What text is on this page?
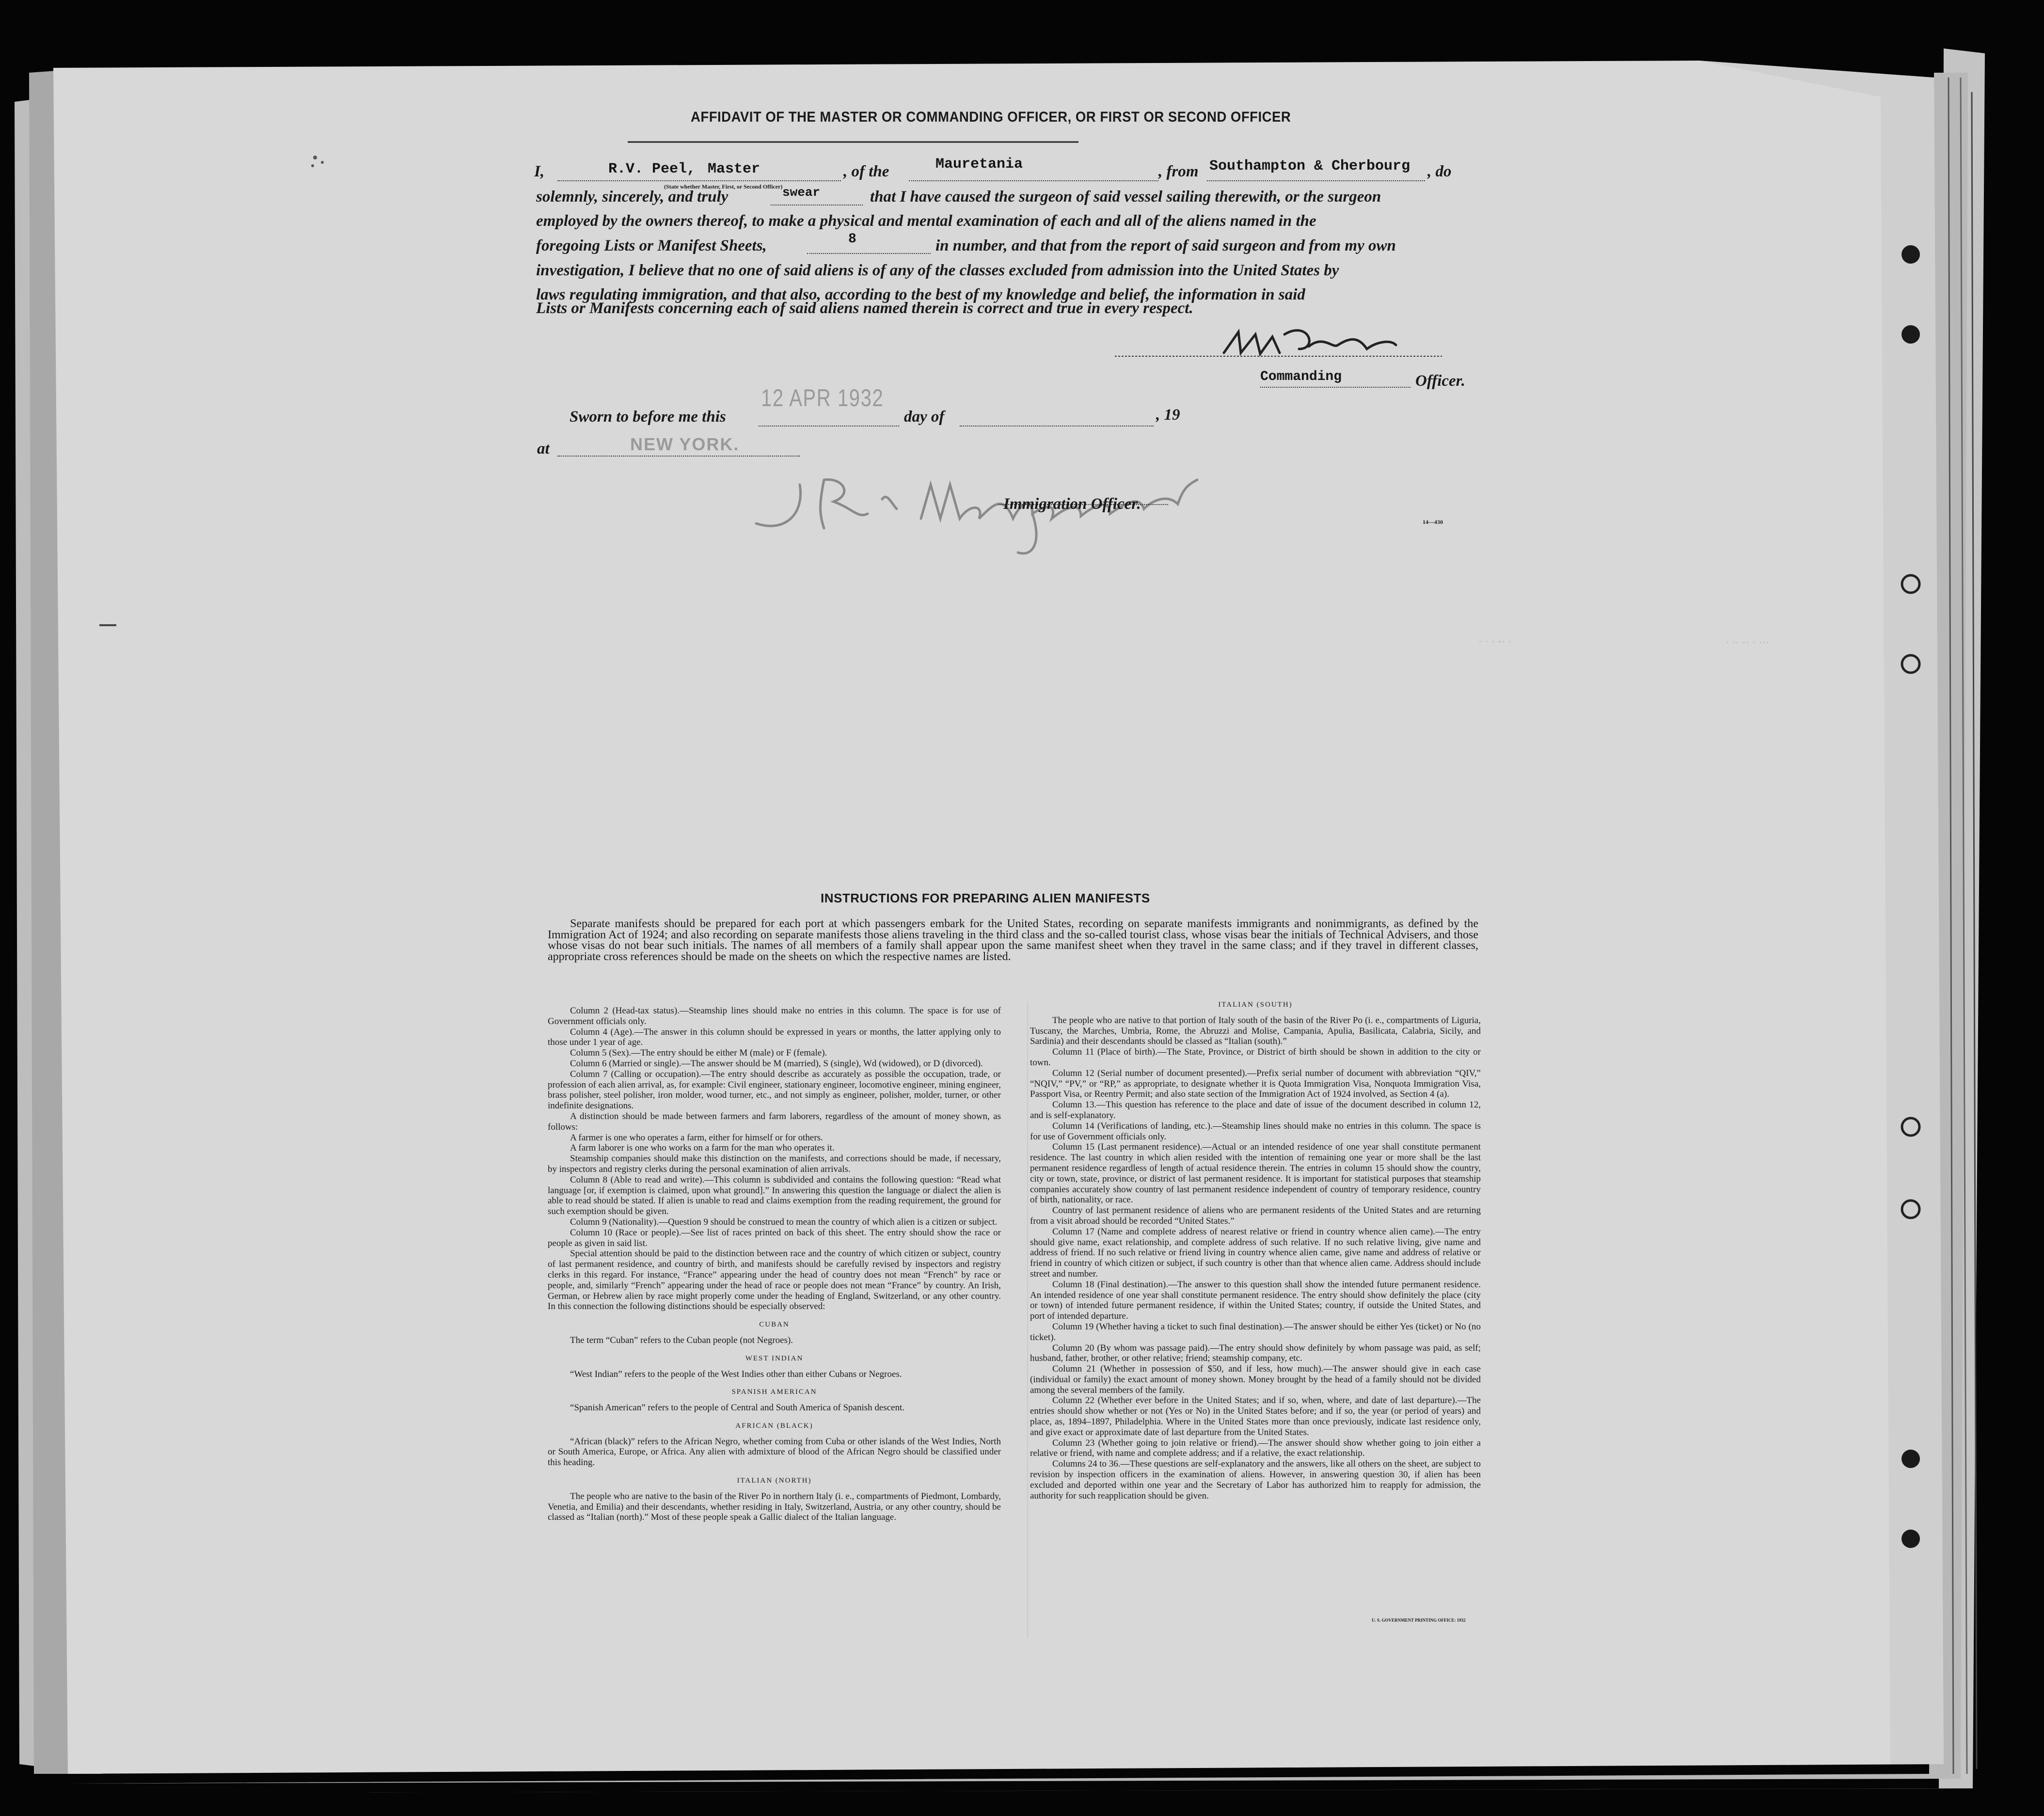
· · · -· ·	· ·· ·· · ···
AFFIDAVIT OF THE MASTER OR COMMANDING OFFICER, OR FIRST OR SECOND OFFICER
I,	R.V. Peel, Master
(State whether Master, First, or Second Officer)
, of the	Mauretania	, from Southampton & Cherbourg , do
solemnly, sincerely, and truly	swear	that I have caused the surgeon of said vessel sailing therewith, or the surgeon
employed by the owners thereof, to make a physical and mental examination of each and all of the aliens named in the
foregoing Lists or Manifest Sheets,	8	in number, and that from the report of said surgeon and from my own
investigation, I believe that no one of said aliens is of any of the classes excluded from admission into the United States by
laws regulating immigration, and that also, according to the best of my knowledge and belief, the information in said
Lists or Manifests concerning each of said aliens named therein is correct and true in every respect.
Commanding	Officer.
Sworn to before me this
12 APR 1932
day of	, 19
at	NEW YORK.
Immigration Officer.
14—430
INSTRUCTIONS FOR PREPARING ALIEN MANIFESTS
Separate manifests should be prepared for each port at which passengers embark for the United States, recording on separate manifests immigrants and nonimmigrants, as defined by the Immigration Act of 1924; and also recording on separate manifests those aliens traveling in the third class and the so-called tourist class, whose visas bear the initials of Technical Advisers, and those whose visas do not bear such initials. The names of all members of a family shall appear upon the same manifest sheet when they travel in the same class; and if they travel in different classes, appropriate cross references should be made on the sheets on which the respective names are listed.

Column 2 (Head-tax status).—Steamship lines should make no entries in this column. The space is for use of Government officials only.

Column 4 (Age).—The answer in this column should be expressed in years or months, the latter applying only to those under 1 year of age.

Column 5 (Sex).—The entry should be either M (male) or F (female).

Column 6 (Married or single).—The answer should be M (married), S (single), Wd (widowed), or D (divorced).

Column 7 (Calling or occupation).—The entry should describe as accurately as possible the occupation, trade, or profession of each alien arrival, as, for example: Civil engineer, stationary engineer, locomotive engineer, mining engineer, brass polisher, steel polisher, iron molder, wood turner, etc., and not simply as engineer, polisher, molder, turner, or other indefinite designations.

A distinction should be made between farmers and farm laborers, regardless of the amount of money shown, as follows:

A farmer is one who operates a farm, either for himself or for others.

A farm laborer is one who works on a farm for the man who operates it.

Steamship companies should make this distinction on the manifests, and corrections should be made, if necessary, by inspectors and registry clerks during the personal examination of alien arrivals.

Column 8 (Able to read and write).—This column is subdivided and contains the following question: “Read what language [or, if exemption is claimed, upon what ground].” In answering this question the language or dialect the alien is able to read should be stated. If alien is unable to read and claims exemption from the reading requirement, the ground for such exemption should be given.

Column 9 (Nationality).—Question 9 should be construed to mean the country of which alien is a citizen or subject.

Column 10 (Race or people).—See list of races printed on back of this sheet. The entry should show the race or people as given in said list.

Special attention should be paid to the distinction between race and the country of which citizen or subject, country of last permanent residence, and country of birth, and manifests should be carefully revised by inspectors and registry clerks in this regard. For instance, “France” appearing under the head of country does not mean “French” by race or people, and, similarly “French” appearing under the head of race or people does not mean “France” by country. An Irish, German, or Hebrew alien by race might properly come under the heading of England, Switzerland, or any other country. In this connection the following distinctions should be especially observed:

CUBAN

The term “Cuban” refers to the Cuban people (not Negroes).

WEST INDIAN

“West Indian” refers to the people of the West Indies other than either Cubans or Negroes.

SPANISH AMERICAN

“Spanish American” refers to the people of Central and South America of Spanish descent.

AFRICAN (BLACK)

“African (black)” refers to the African Negro, whether coming from Cuba or other islands of the West Indies, North or South America, Europe, or Africa. Any alien with admixture of blood of the African Negro should be classified under this heading.

ITALIAN (NORTH)

The people who are native to the basin of the River Po in northern Italy (i. e., compartments of Piedmont, Lombardy, Venetia, and Emilia) and their descendants, whether residing in Italy, Switzerland, Austria, or any other country, should be classed as “Italian (north).” Most of these people speak a Gallic dialect of the Italian language.

ITALIAN (SOUTH)

The people who are native to that portion of Italy south of the basin of the River Po (i. e., compartments of Liguria, Tuscany, the Marches, Umbria, Rome, the Abruzzi and Molise, Campania, Apulia, Basilicata, Calabria, Sicily, and Sardinia) and their descendants should be classed as “Italian (south).”

Column 11 (Place of birth).—The State, Province, or District of birth should be shown in addition to the city or town.

Column 12 (Serial number of document presented).—Prefix serial number of document with abbreviation “QIV,” “NQIV,” “PV,” or “RP,” as appropriate, to designate whether it is Quota Immigration Visa, Nonquota Immigration Visa, Passport Visa, or Reentry Permit; and also state section of the Immigration Act of 1924 involved, as Section 4 (a).

Column 13.—This question has reference to the place and date of issue of the document described in column 12, and is self-explanatory.

Column 14 (Verifications of landing, etc.).—Steamship lines should make no entries in this column. The space is for use of Government officials only.

Column 15 (Last permanent residence).—Actual or an intended residence of one year shall constitute permanent residence. The last country in which alien resided with the intention of remaining one year or more shall be the last permanent residence regardless of length of actual residence therein. The entries in column 15 should show the country, city or town, state, province, or district of last permanent residence. It is important for statistical purposes that steamship companies accurately show country of last permanent residence independent of country of temporary residence, country of birth, nationality, or race.

Country of last permanent residence of aliens who are permanent residents of the United States and are returning from a visit abroad should be recorded “United States.”

Column 17 (Name and complete address of nearest relative or friend in country whence alien came).—The entry should give name, exact relationship, and complete address of such relative. If no such relative living, give name and address of friend. If no such relative or friend living in country whence alien came, give name and address of relative or friend in country of which citizen or subject, if such country is other than that whence alien came. Address should include street and number.

Column 18 (Final destination).—The answer to this question shall show the intended future permanent residence. An intended residence of one year shall constitute permanent residence. The entry should show definitely the place (city or town) of intended future permanent residence, if within the United States; country, if outside the United States, and port of intended departure.

Column 19 (Whether having a ticket to such final destination).—The answer should be either Yes (ticket) or No (no ticket).

Column 20 (By whom was passage paid).—The entry should show definitely by whom passage was paid, as self; husband, father, brother, or other relative; friend; steamship company, etc.

Column 21 (Whether in possession of $50, and if less, how much).—The answer should give in each case (individual or family) the exact amount of money shown. Money brought by the head of a family should not be divided among the several members of the family.

Column 22 (Whether ever before in the United States; and if so, when, where, and date of last departure).—The entries should show whether or not (Yes or No) in the United States before; and if so, the year (or period of years) and place, as, 1894–1897, Philadelphia. Where in the United States more than once previously, indicate last residence only, and give exact or approximate date of last departure from the United States.

Column 23 (Whether going to join relative or friend).—The answer should show whether going to join either a relative or friend, with name and complete address; and if a relative, the exact relationship.

Columns 24 to 36.—These questions are self-explanatory and the answers, like all others on the sheet, are subject to revision by inspection officers in the examination of aliens. However, in answering question 30, if alien has been excluded and deported within one year and the Secretary of Labor has authorized him to reapply for admission, the authority for such reapplication should be given.

U. S. GOVERNMENT PRINTING OFFICE: 1932
